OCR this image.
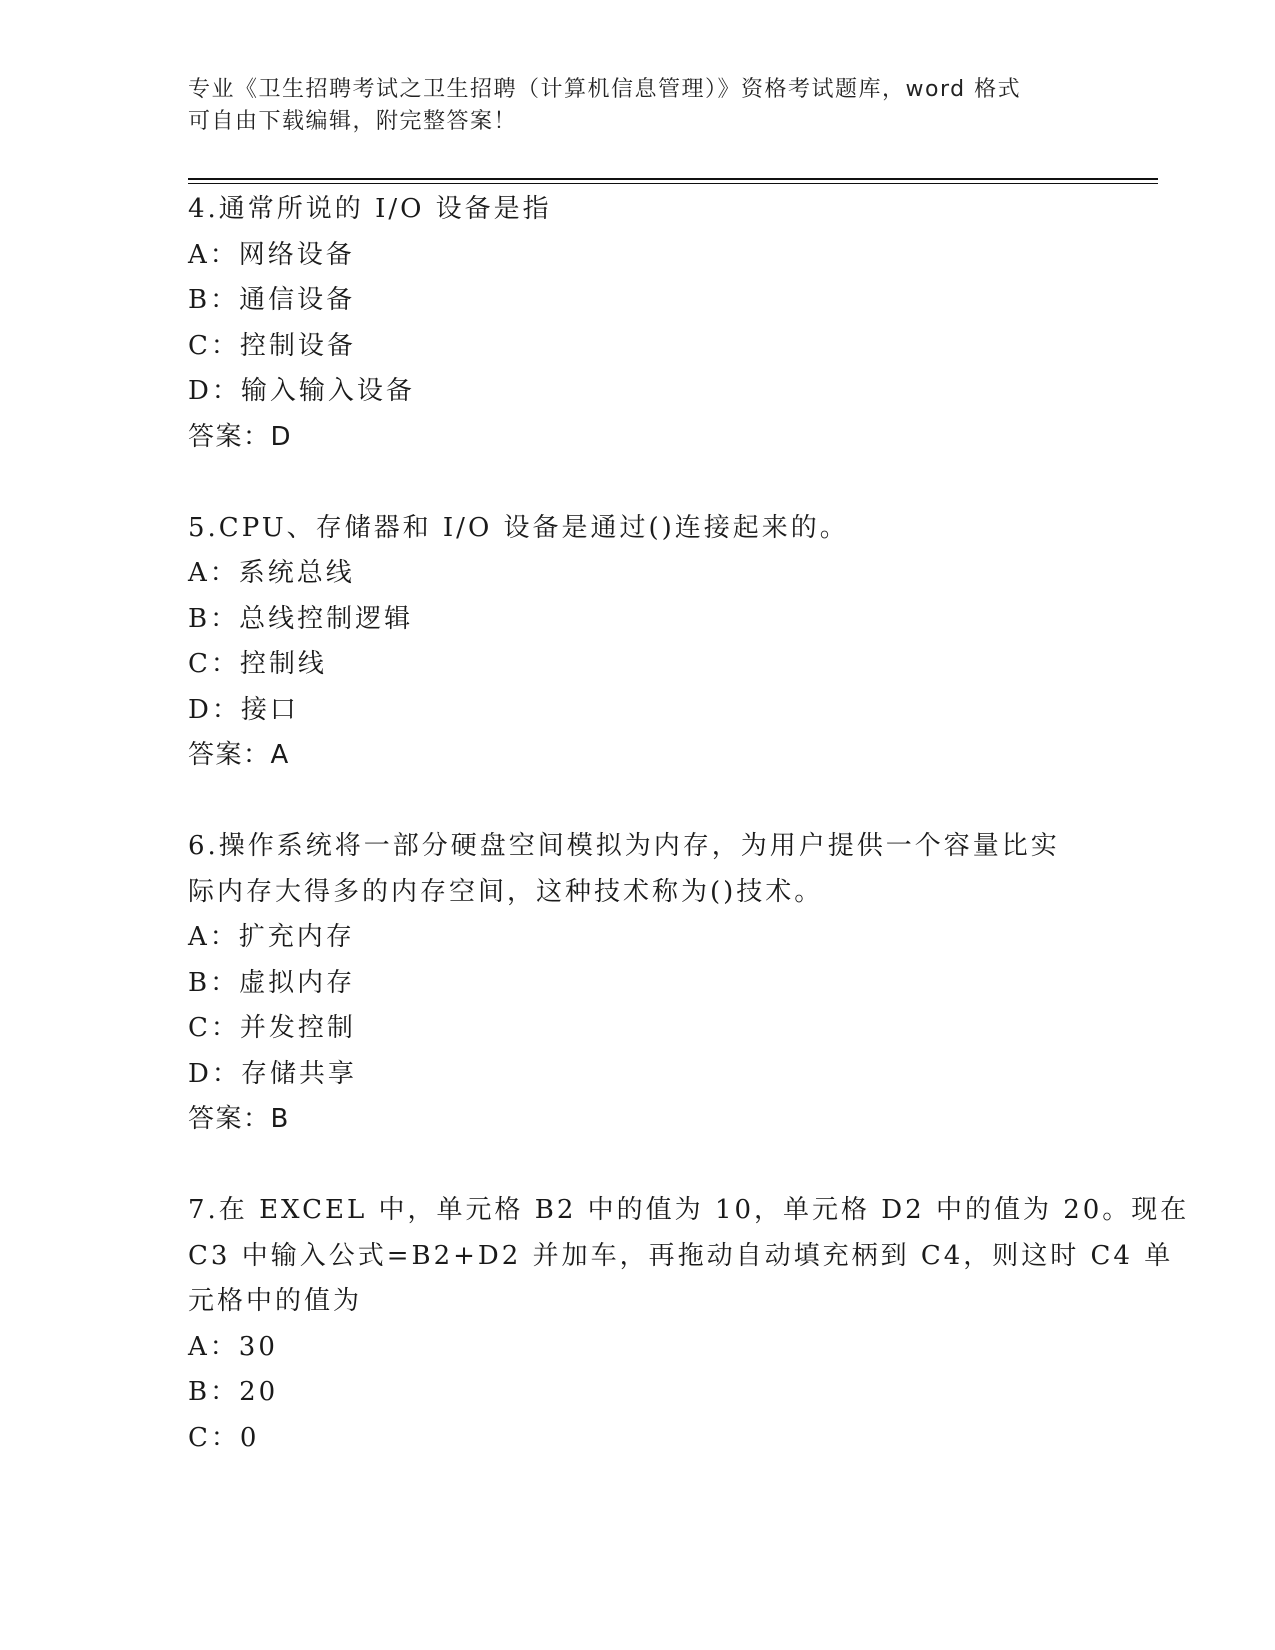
专业《卫生招聘考试之卫生招聘（计算机信息管理）》资格考试题库，word 格式
可自由下载编辑，附完整答案！
4.通常所说的 I/O 设备是指
A：网络设备
B：通信设备
C：控制设备
D：输入输入设备
答案：D
5.CPU、存储器和 I/O 设备是通过()连接起来的。
A：系统总线
B：总线控制逻辑
C：控制线
D：接口
答案：A
6.操作系统将一部分硬盘空间模拟为内存，为用户提供一个容量比实
际内存大得多的内存空间，这种技术称为()技术。
A：扩充内存
B：虚拟内存
C：并发控制
D：存储共享
答案：B
7.在 EXCEL 中，单元格 B2 中的值为 10，单元格 D2 中的值为 20。现在
C3 中输入公式=B2+D2 并加车，再拖动自动填充柄到 C4，则这时 C4 单
元格中的值为
A：30
B：20
C：0
